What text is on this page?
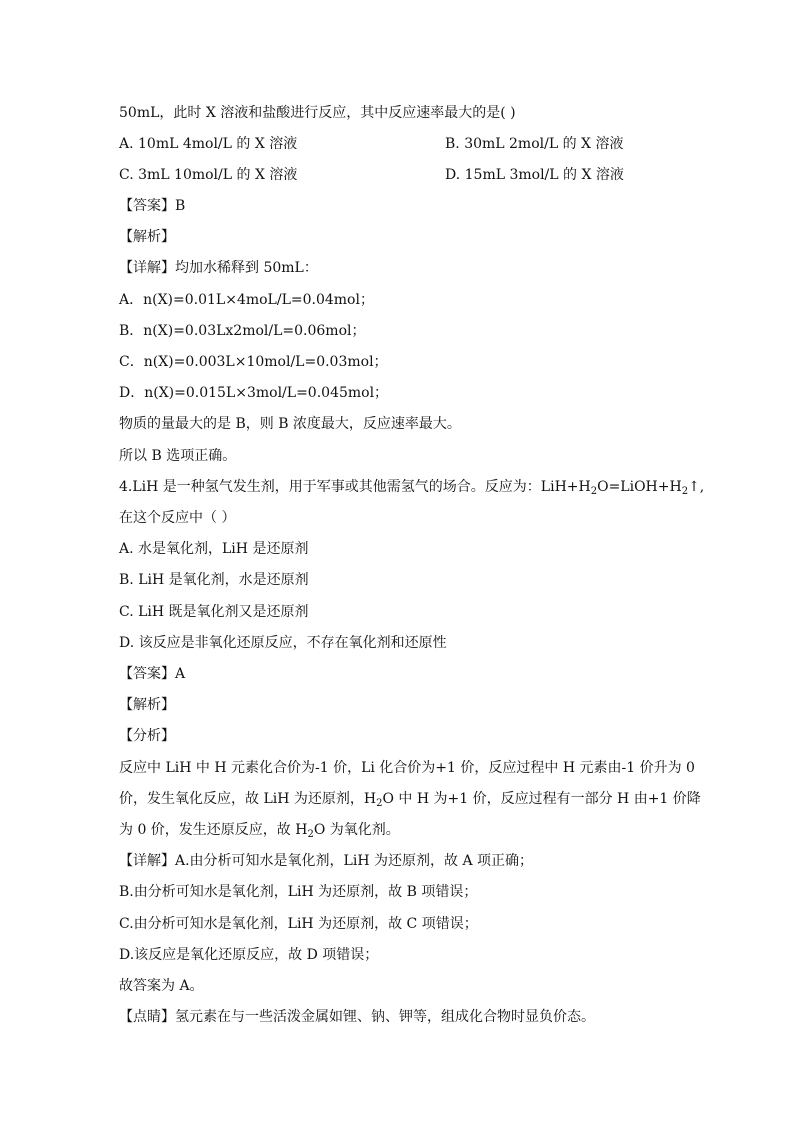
50mL，此时 X 溶液和盐酸进行反应，其中反应速率最大的是( )
A. 10mL 4mol/L 的 X 溶液	B. 30mL 2mol/L 的 X 溶液
C. 3mL 10mol/L 的 X 溶液	D. 15mL 3mol/L 的 X 溶液
【答案】B
【解析】
【详解】均加水稀释到 50mL：
A．n(X)=0.01L×4moL/L=0.04mol；
B．n(X)=0.03Lx2mol/L=0.06mol；
C．n(X)=0.003L×10mol/L=0.03mol；
D．n(X)=0.015L×3mol/L=0.045mol；
物质的量最大的是 B，则 B 浓度最大，反应速率最大。
所以 B 选项正确。
4.LiH 是一种氢气发生剂，用于军事或其他需氢气的场合。反应为：$LiH+H_2O=LiOH+H_2↑$,
在这个反应中（ ）
A. 水是氧化剂，LiH 是还原剂
B. LiH 是氧化剂，水是还原剂
C. LiH 既是氧化剂又是还原剂
D. 该反应是非氧化还原反应，不存在氧化剂和还原性
【答案】A
【解析】
【分析】
反应中 LiH 中 H 元素化合价为-1 价，Li 化合价为+1 价，反应过程中 H 元素由-1 价升为 0
价，发生氧化反应，故 LiH 为还原剂，$H_2O$ 中 H 为+1 价，反应过程有一部分 H 由+1 价降
为 0 价，发生还原反应，故 $H_2O$ 为氧化剂。
【详解】A.由分析可知水是氧化剂，LiH 为还原剂，故 A 项正确；
B.由分析可知水是氧化剂，LiH 为还原剂，故 B 项错误；
C.由分析可知水是氧化剂，LiH 为还原剂，故 C 项错误；
D.该反应是氧化还原反应，故 D 项错误；
故答案为 A。
【点睛】氢元素在与一些活泼金属如锂、钠、钾等，组成化合物时显负价态。
